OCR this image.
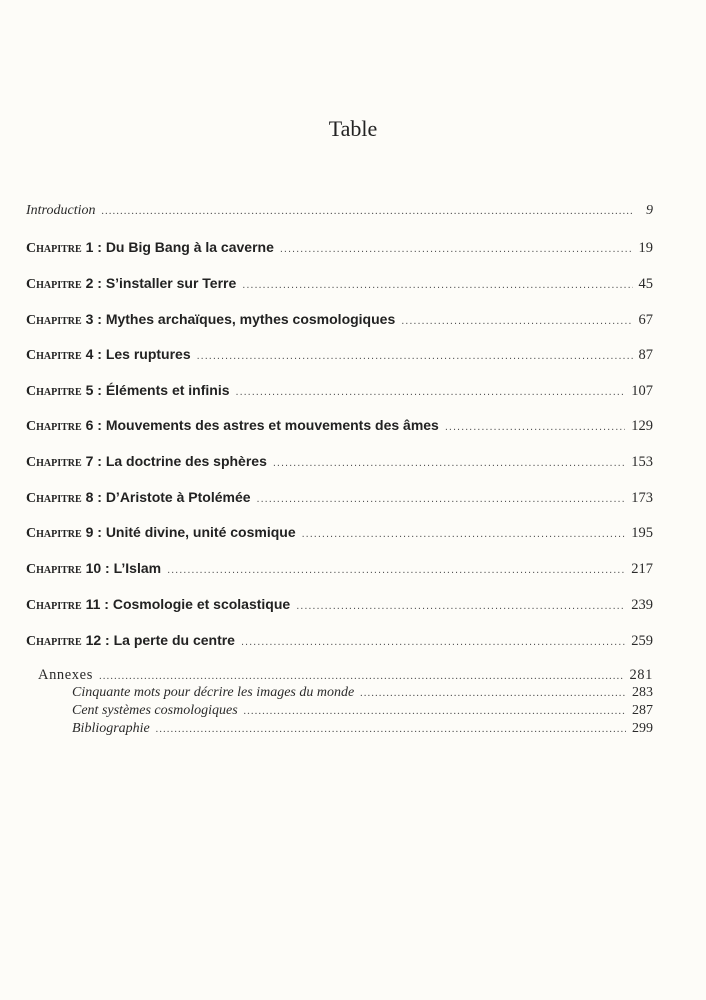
Table
Introduction .....	9
Chapitre 1 : Du Big Bang à la caverne .....	19
Chapitre 2 : S’installer sur Terre .....	45
Chapitre 3 : Mythes archaïques, mythes cosmologiques .....	67
Chapitre 4 : Les ruptures .....	87
Chapitre 5 : Éléments et infinis .....	107
Chapitre 6 : Mouvements des astres et mouvements des âmes .....	129
Chapitre 7 : La doctrine des sphères .....	153
Chapitre 8 : D’Aristote à Ptolémée .....	173
Chapitre 9 : Unité divine, unité cosmique .....	195
Chapitre 10 : L’Islam .....	217
Chapitre 11 : Cosmologie et scolastique .....	239
Chapitre 12 : La perte du centre .....	259
Annexes .....	281
Cinquante mots pour décrire les images du monde .....	283
Cent systèmes cosmologiques .....	287
Bibliographie .....	299
